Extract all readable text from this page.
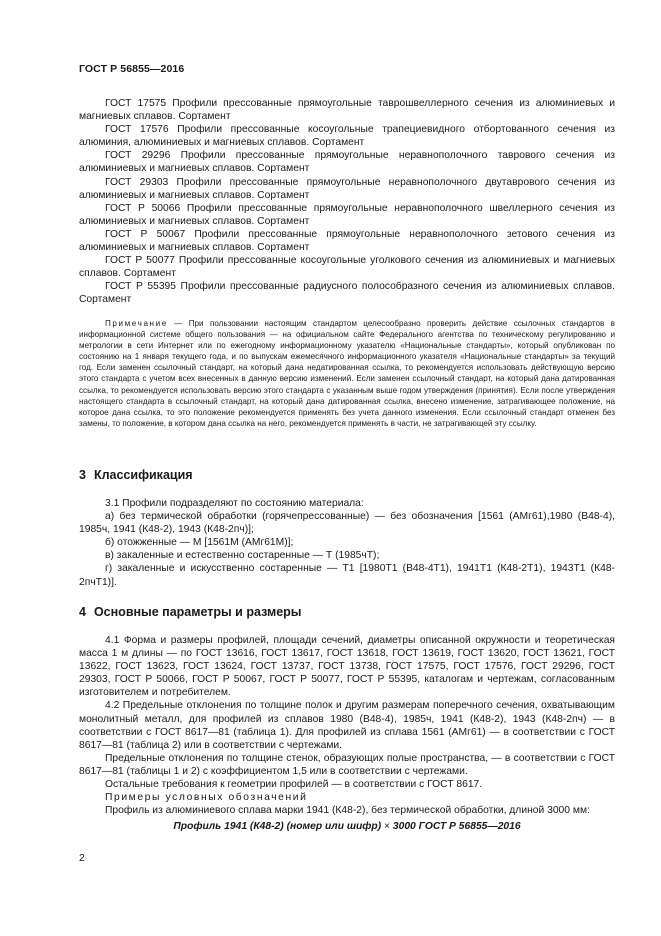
ГОСТ Р 56855—2016

ГОСТ 17575 Профили прессованные прямоугольные таврошвеллерного сечения из алюминиевых и магниевых сплавов. Сортамент

ГОСТ 17576 Профили прессованные косоугольные трапециевидного отбортованного сечения из алюминия, алюминиевых и магниевых сплавов. Сортамент

ГОСТ 29296 Профили прессованные прямоугольные неравнополочного таврового сечения из алюминиевых и магниевых сплавов. Сортамент

ГОСТ 29303 Профили прессованные прямоугольные неравнополочного двутаврового сечения из алюминиевых и магниевых сплавов. Сортамент

ГОСТ Р 50066 Профили прессованные прямоугольные неравнополочного швеллерного сечения из алюминиевых и магниевых сплавов. Сортамент

ГОСТ Р 50067 Профили прессованные прямоугольные неравнополочного зетового сечения из алюминиевых и магниевых сплавов. Сортамент

ГОСТ Р 50077 Профили прессованные косоугольные уголкового сечения из алюминиевых и магниевых сплавов. Сортамент

ГОСТ Р 55395 Профили прессованные радиусного полособразного сечения из алюминиевых сплавов. Сортамент

Примечание — При пользовании настоящим стандартом целесообразно проверить действие ссылочных стандартов в информационной системе общего пользования — на официальном сайте Федерального агентства по техническому регулированию и метрологии в сети Интернет или по ежегодному информационному указателю «Национальные стандарты», который опубликован по состоянию на 1 января текущего года, и по выпускам ежемесячного информационного указателя «Национальные стандарты» за текущий год. Если заменен ссылочный стандарт, на который дана недатированная ссылка, то рекомендуется использовать действующую версию этого стандарта с учетом всех внесенных в данную версию изменений. Если заменен ссылочный стандарт, на который дана датированная ссылка, то рекомендуется использовать версию этого стандарта с указанным выше годом утверждения (принятия). Если после утверждения настоящего стандарта в ссылочный стандарт, на который дана датированная ссылка, внесено изменение, затрагивающее положение, на которое дана ссылка, то это положение рекомендуется применять без учета данного изменения. Если ссылочный стандарт отменен без замены, то положение, в котором дана ссылка на него, рекомендуется применять в части, не затрагивающей эту ссылку.

3 Классификация

3.1 Профили подразделяют по состоянию материала:

а) без термической обработки (горячепрессованные) — без обозначения [1561 (АМг61),1980 (В48-4), 1985ч, 1941 (К48-2), 1943 (К48-2пч)];

б) отожженные — М [1561М (АМг61М)];

в) закаленные и естественно состаренные — Т (1985чТ);

г) закаленные и искусственно состаренные — Т1 [1980Т1 (В48-4Т1), 1941Т1 (К48-2Т1), 1943Т1 (К48-2пчТ1)].

4 Основные параметры и размеры

4.1 Форма и размеры профилей, площади сечений, диаметры описанной окружности и теоретическая масса 1 м длины — по ГОСТ 13616, ГОСТ 13617, ГОСТ 13618, ГОСТ 13619, ГОСТ 13620, ГОСТ 13621, ГОСТ 13622, ГОСТ 13623, ГОСТ 13624, ГОСТ 13737, ГОСТ 13738, ГОСТ 17575, ГОСТ 17576, ГОСТ 29296, ГОСТ 29303, ГОСТ Р 50066, ГОСТ Р 50067, ГОСТ Р 50077, ГОСТ Р 55395, каталогам и чертежам, согласованным изготовителем и потребителем.

4.2 Предельные отклонения по толщине полок и другим размерам поперечного сечения, охватывающим монолитный металл, для профилей из сплавов 1980 (В48-4), 1985ч, 1941 (К48-2), 1943 (К48-2пч) — в соответствии с ГОСТ 8617—81 (таблица 1). Для профилей из сплава 1561 (АМг61) — в соответствии с ГОСТ 8617—81 (таблица 2) или в соответствии с чертежами.

Предельные отклонения по толщине стенок, образующих полые пространства, — в соответствии с ГОСТ 8617—81 (таблицы 1 и 2) с коэффициентом 1,5 или в соответствии с чертежами.

Остальные требования к геометрии профилей — в соответствии с ГОСТ 8617.

Примеры условных обозначений

Профиль из алюминиевого сплава марки 1941 (К48-2), без термической обработки, длиной 3000 мм:

Профиль 1941 (К48-2) (номер или шифр) × 3000 ГОСТ Р 56855—2016

2
